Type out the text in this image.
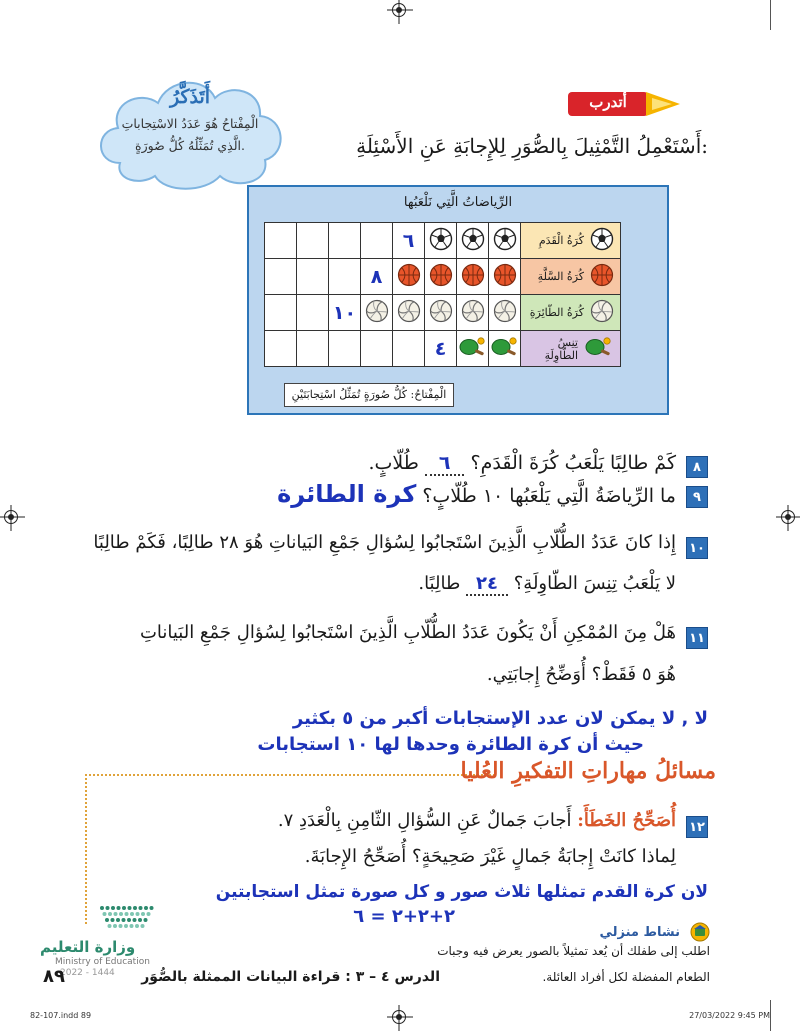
أَتَذَكَّرُ
الْمِفْتاحُ هُوَ عَدَدُ الاسْتِجاباتِ
الَّذِي تُمَثِّلُهُ كُلُّ صُورَةٍ.
أتدرب
أَسْتَعْمِلُ التَّمْثِيلَ بِالصُّوَرِ لِلإِجابَةِ عَنِ الأَسْئِلَةِ:
الرِّياضاتُ الَّتِي نَلْعَبُها
				٦				كُرَةُ الْقَدَمِ

			٨					كُرَةُ السَّلَّةِ

		١٠						كُرَةُ الطّائِرَةِ

					٤			تِنِسُ الطّاوِلَةِ
الْمِفْتاحُ: كُلُّ صُورَةٍ تُمَثِّلُ اسْتِجابَتَيْنِ
٨
كَمْ طالِبًا يَلْعَبُ كُرَةَ الْقَدَمِ؟ ٦ طُلّابٍ.
٩
ما الرِّياضَةُ الَّتِي يَلْعَبُها ١٠ طُلّابٍ؟ كرة الطائرة
١٠
إِذا كانَ عَدَدُ الطُّلّابِ الَّذِينَ اسْتَجابُوا لِسُؤالِ جَمْعِ البَياناتِ هُوَ ٢٨ طالِبًا، فَكَمْ طالِبًا
لا يَلْعَبُ تِنِسَ الطّاوِلَةِ؟ ٢٤ طالِبًا.
١١
هَلْ مِنَ المُمْكِنِ أَنْ يَكُونَ عَدَدُ الطُّلّابِ الَّذِينَ اسْتَجابُوا لِسُؤالِ جَمْعِ البَياناتِ
هُوَ ٥ فَقَطْ؟ أُوَضِّحُ إِجابَتِي.
لا , لا يمكن لان عدد الإستجابات أكبر من ٥ بكثير
حيث أن كرة الطائرة وحدها لها ١٠ استجابات
مسائلُ مهاراتِ التفكيرِ العُليا
١٢
أُصَحِّحُ الخَطَأَ: أَجابَ جَمالٌ عَنِ السُّؤالِ الثّامِنِ بِالْعَدَدِ ٧.
لِماذا كانَتْ إِجابَةُ جَمالٍ غَيْرَ صَحِيحَةٍ؟ أُصَحِّحُ الإِجابَةَ.
لان كرة القدم تمثلها ثلاث صور و كل صورة تمثل استجابتين
٢+٢+٢ = ٦
نشاط منزلي
اطلب إلى طفلك أن يُعد تمثيلاً بالصور يعرض فيه وجبات
الطعام المفضلة لكل أفراد العائلة.
وزارة التعليم
Ministry of Education
2022 - 1444
٨٩	الدرس ٤ – ٣ : قراءة البيانات الممثلة بالصُّوَر
82-107.indd 89	27/03/2022 9:45 PM
